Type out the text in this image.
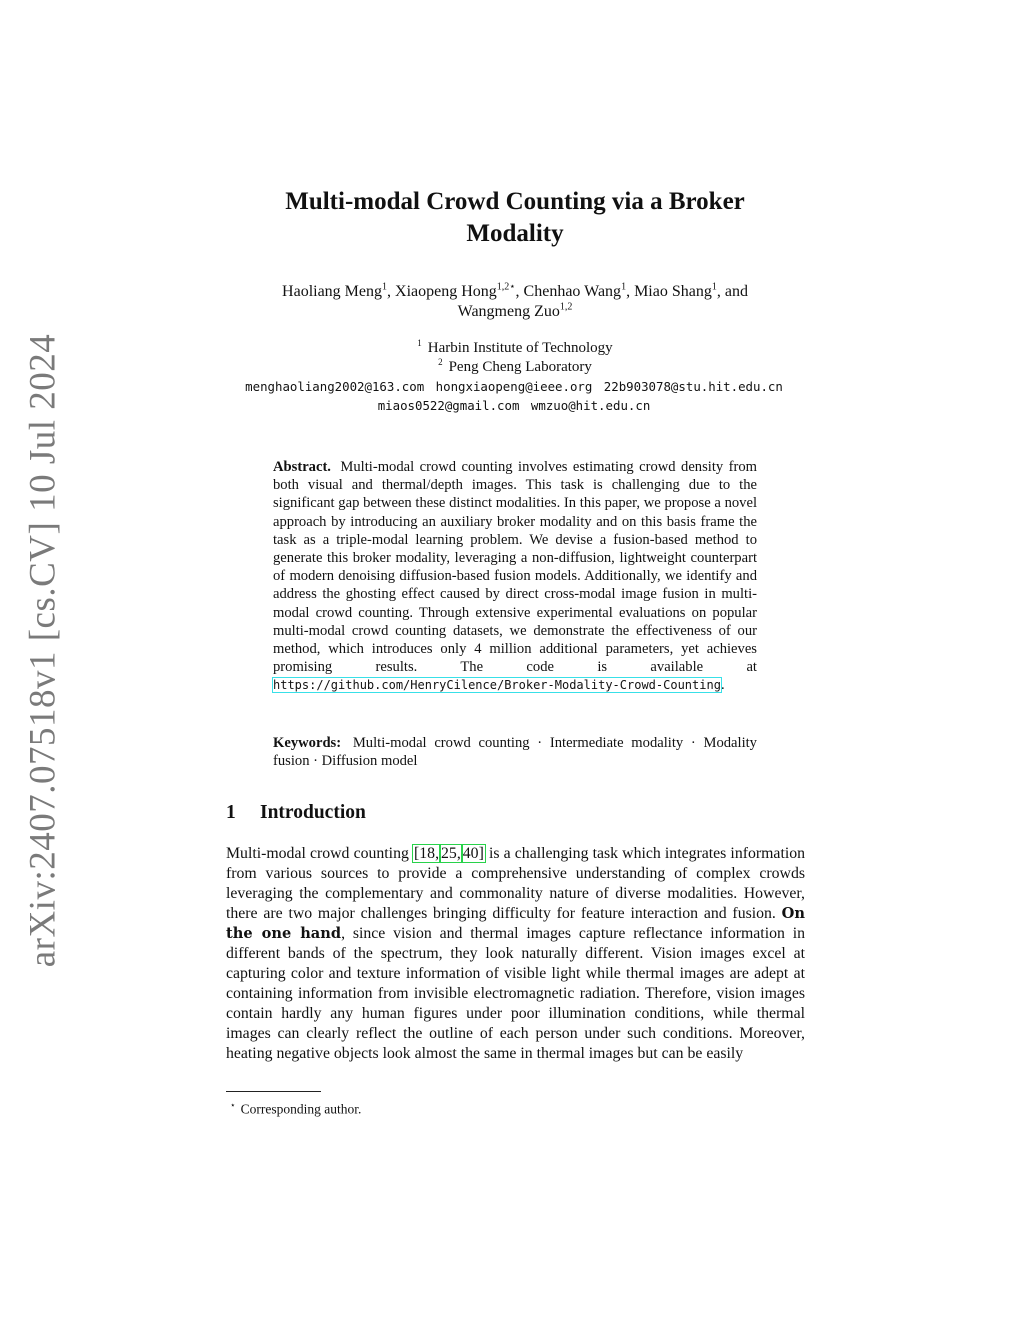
arXiv:2407.07518v1 [cs.CV] 10 Jul 2024
Multi-modal Crowd Counting via a Broker
Modality
Haoliang Meng$^1$, Xiaopeng Hong$^{1,2⋆}$, Chenhao Wang$^1$, Miao Shang$^1$, and
Wangmeng Zuo$^{1,2}$
$^1$ Harbin Institute of Technology
$^2$ Peng Cheng Laboratory
menghaoliang2002@163.com hongxiaopeng@ieee.org 22b903078@stu.hit.edu.cn
miaos0522@gmail.com wmzuo@hit.edu.cn
Abstract. Multi-modal crowd counting involves estimating crowd density from both visual and thermal/depth images. This task is challenging due to the significant gap between these distinct modalities. In this paper, we propose a novel approach by introducing an auxiliary broker modality and on this basis frame the task as a triple-modal learning problem. We devise a fusion-based method to generate this broker modality, leveraging a non-diffusion, lightweight counterpart of modern denoising diffusion-based fusion models. Additionally, we identify and address the ghosting effect caused by direct cross-modal image fusion in multi-modal crowd counting. Through extensive experimental evaluations on popular multi-modal crowd counting datasets, we demonstrate the effectiveness of our method, which introduces only 4 million additional parameters, yet achieves promising results. The code is available at https://github.com/HenryCilence/Broker-Modality-Crowd-Counting.
Keywords: Multi-modal crowd counting · Intermediate modality · Modality fusion · Diffusion model
1 Introduction
Multi-modal crowd counting [18, 25, 40] is a challenging task which integrates information from various sources to provide a comprehensive understanding of complex crowds leveraging the complementary and commonality nature of diverse modalities. However, there are two major challenges bringing difficulty for feature interaction and fusion. On the one hand, since vision and thermal images capture reflectance information in different bands of the spectrum, they look naturally different. Vision images excel at capturing color and texture information of visible light while thermal images are adept at containing information from invisible electromagnetic radiation. Therefore, vision images contain hardly any human figures under poor illumination conditions, while thermal images can clearly reflect the outline of each person under such conditions. Moreover, heating negative objects look almost the same in thermal images but can be easily
⋆ Corresponding author.
